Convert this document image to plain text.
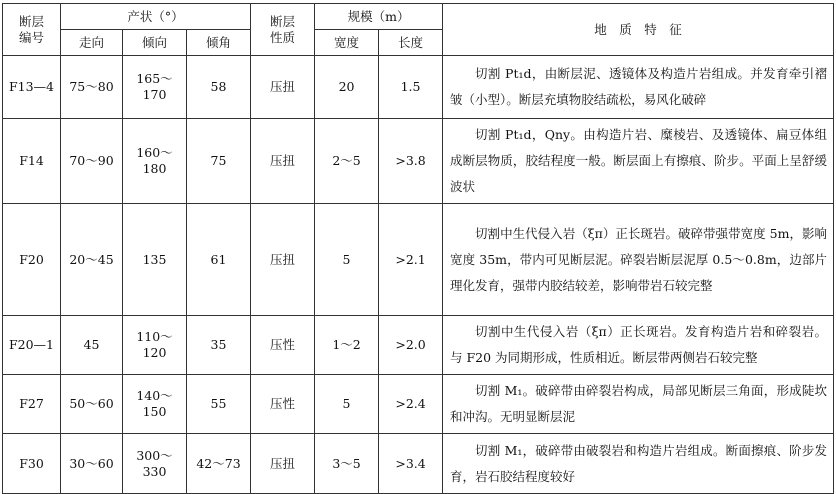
断层
编号	产状（°）			断层
性质	规模（m）		地　质　特　征
	走向	倾向	倾角		宽度	长度	
F13—4	75～80	165～170	58	压扭	20	1.5	切割 Pt₁d，由断层泥、透镜体及构造片岩组成。并发育牵引褶皱（小型）。断层充填物胶结疏松，易风化破碎
F14	70～90	160～180	75	压扭	2～5	>3.8	切割 Pt₁d，Qny。由构造片岩、糜棱岩、及透镜体、扁豆体组成断层物质，胶结程度一般。断层面上有擦痕、阶步。平面上呈舒缓波状
F20	20～45	135	61	压扭	5	>2.1	切割中生代侵入岩（ξπ）正长斑岩。破碎带强带宽度 5m，影响宽度 35m，带内可见断层泥。碎裂岩断层泥厚 0.5～0.8m，边部片理化发育，强带内胶结较差，影响带岩石较完整
F20—1	45	110～120	35	压性	1～2	>2.0	切割中生代侵入岩（ξπ）正长斑岩。发育构造片岩和碎裂岩。与 F20 为同期形成，性质相近。断层带两侧岩石较完整
F27	50～60	140～150	55	压性	5	>2.4	切割 M₁。破碎带由碎裂岩构成，局部见断层三角面，形成陡坎和冲沟。无明显断层泥
F30	30～60	300～330	42～73	压扭	3～5	>3.4	切割 M₁，破碎带由破裂岩和构造片岩组成。断面擦痕、阶步发育，岩石胶结程度较好
